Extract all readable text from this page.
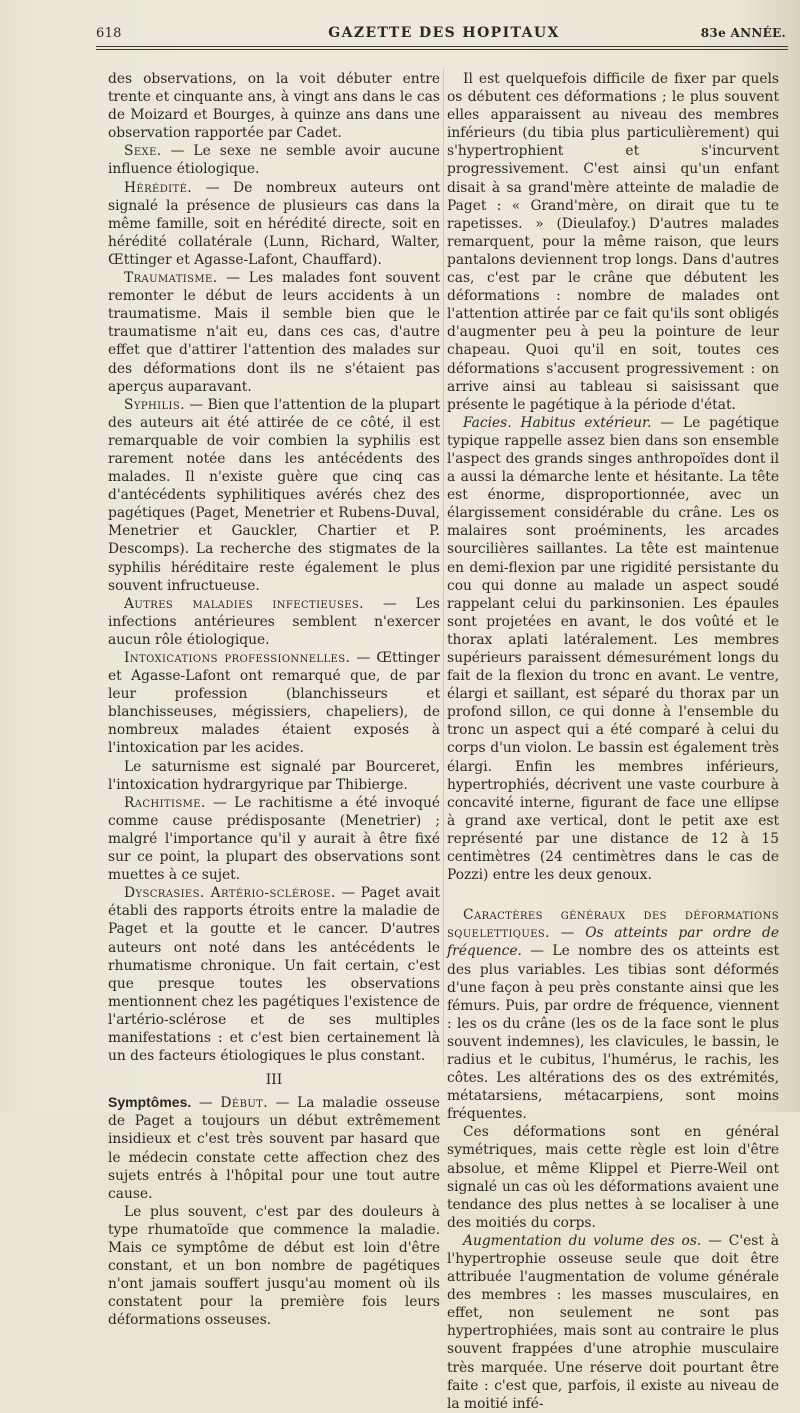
618	GAZETTE DES HOPITAUX	83e ANNÉE.

des observations, on la voit débuter entre trente et cinquante ans, à vingt ans dans le cas de Moizard et Bourges, à quinze ans dans une observation rapportée par Cadet.

Sexe. — Le sexe ne semble avoir aucune influence étiologique.

Hérédité. — De nombreux auteurs ont signalé la présence de plusieurs cas dans la même famille, soit en hérédité directe, soit en hérédité collatérale (Lunn, Richard, Walter, Œttinger et Agasse-Lafont, Chauffard).

Traumatisme. — Les malades font souvent remonter le début de leurs accidents à un traumatisme. Mais il semble bien que le traumatisme n'ait eu, dans ces cas, d'autre effet que d'attirer l'attention des malades sur des déformations dont ils ne s'étaient pas aperçus auparavant.

Syphilis. — Bien que l'attention de la plupart des auteurs ait été attirée de ce côté, il est remarquable de voir combien la syphilis est rarement notée dans les antécédents des malades. Il n'existe guère que cinq cas d'antécédents syphilitiques avérés chez des pagétiques (Paget, Menetrier et Rubens-Duval, Menetrier et Gauckler, Chartier et P. Descomps). La recherche des stigmates de la syphilis héréditaire reste également le plus souvent infructueuse.

Autres maladies infectieuses. — Les infections antérieures semblent n'exercer aucun rôle étiologique.

Intoxications professionnelles. — Œttinger et Agasse-Lafont ont remarqué que, de par leur profession (blanchisseurs et blanchisseuses, mégissiers, chapeliers), de nombreux malades étaient exposés à l'intoxication par les acides.

Le saturnisme est signalé par Bourceret, l'intoxication hydrargyrique par Thibierge.

Rachitisme. — Le rachitisme a été invoqué comme cause prédisposante (Menetrier) ; malgré l'importance qu'il y aurait à être fixé sur ce point, la plupart des observations sont muettes à ce sujet.

Dyscrasies. Artério-sclérose. — Paget avait établi des rapports étroits entre la maladie de Paget et la goutte et le cancer. D'autres auteurs ont noté dans les antécédents le rhumatisme chronique. Un fait certain, c'est que presque toutes les observations mentionnent chez les pagétiques l'existence de l'artério-sclérose et de ses multiples manifestations : et c'est bien certainement là un des facteurs étiologiques le plus constant.

III

Symptômes. — Début. — La maladie osseuse de Paget a toujours un début extrêmement insidieux et c'est très souvent par hasard que le médecin constate cette affection chez des sujets entrés à l'hôpital pour une tout autre cause.

Le plus souvent, c'est par des douleurs à type rhumatoïde que commence la maladie. Mais ce symptôme de début est loin d'être constant, et un bon nombre de pagétiques n'ont jamais souffert jusqu'au moment où ils constatent pour la première fois leurs déformations osseuses.

Il est quelquefois difficile de fixer par quels os débutent ces déformations ; le plus souvent elles apparaissent au niveau des membres inférieurs (du tibia plus particulièrement) qui s'hypertrophient et s'incurvent progressivement. C'est ainsi qu'un enfant disait à sa grand'mère atteinte de maladie de Paget : « Grand'mère, on dirait que tu te rapetisses. » (Dieulafoy.) D'autres malades remarquent, pour la même raison, que leurs pantalons deviennent trop longs. Dans d'autres cas, c'est par le crâne que débutent les déformations : nombre de malades ont l'attention attirée par ce fait qu'ils sont obligés d'augmenter peu à peu la pointure de leur chapeau. Quoi qu'il en soit, toutes ces déformations s'accusent progressivement : on arrive ainsi au tableau si saisissant que présente le pagétique à la période d'état.

Facies. Habitus extérieur. — Le pagétique typique rappelle assez bien dans son ensemble l'aspect des grands singes anthropoïdes dont il a aussi la démarche lente et hésitante. La tête est énorme, disproportionnée, avec un élargissement considérable du crâne. Les os malaires sont proéminents, les arcades sourcilières saillantes. La tête est maintenue en demi-flexion par une rigidité persistante du cou qui donne au malade un aspect soudé rappelant celui du parkinsonien. Les épaules sont projetées en avant, le dos voûté et le thorax aplati latéralement. Les membres supérieurs paraissent démesurément longs du fait de la flexion du tronc en avant. Le ventre, élargi et saillant, est séparé du thorax par un profond sillon, ce qui donne à l'ensemble du tronc un aspect qui a été comparé à celui du corps d'un violon. Le bassin est également très élargi. Enfin les membres inférieurs, hypertrophiés, décrivent une vaste courbure à concavité interne, figurant de face une ellipse à grand axe vertical, dont le petit axe est représenté par une distance de 12 à 15 centimètres (24 centimètres dans le cas de Pozzi) entre les deux genoux.

Caractères généraux des déformations squelettiques. — Os atteints par ordre de fréquence. — Le nombre des os atteints est des plus variables. Les tibias sont déformés d'une façon à peu près constante ainsi que les fémurs. Puis, par ordre de fréquence, viennent : les os du crâne (les os de la face sont le plus souvent indemnes), les clavicules, le bassin, le radius et le cubitus, l'humérus, le rachis, les côtes. Les altérations des os des extrémités, métatarsiens, métacarpiens, sont moins fréquentes.

Ces déformations sont en général symétriques, mais cette règle est loin d'être absolue, et même Klippel et Pierre-Weil ont signalé un cas où les déformations avaient une tendance des plus nettes à se localiser à une des moitiés du corps.

Augmentation du volume des os. — C'est à l'hypertrophie osseuse seule que doit être attribuée l'augmentation de volume générale des membres : les masses musculaires, en effet, non seulement ne sont pas hypertrophiées, mais sont au contraire le plus souvent frappées d'une atrophie musculaire très marquée. Une réserve doit pourtant être faite : c'est que, parfois, il existe au niveau de la moitié infé-
